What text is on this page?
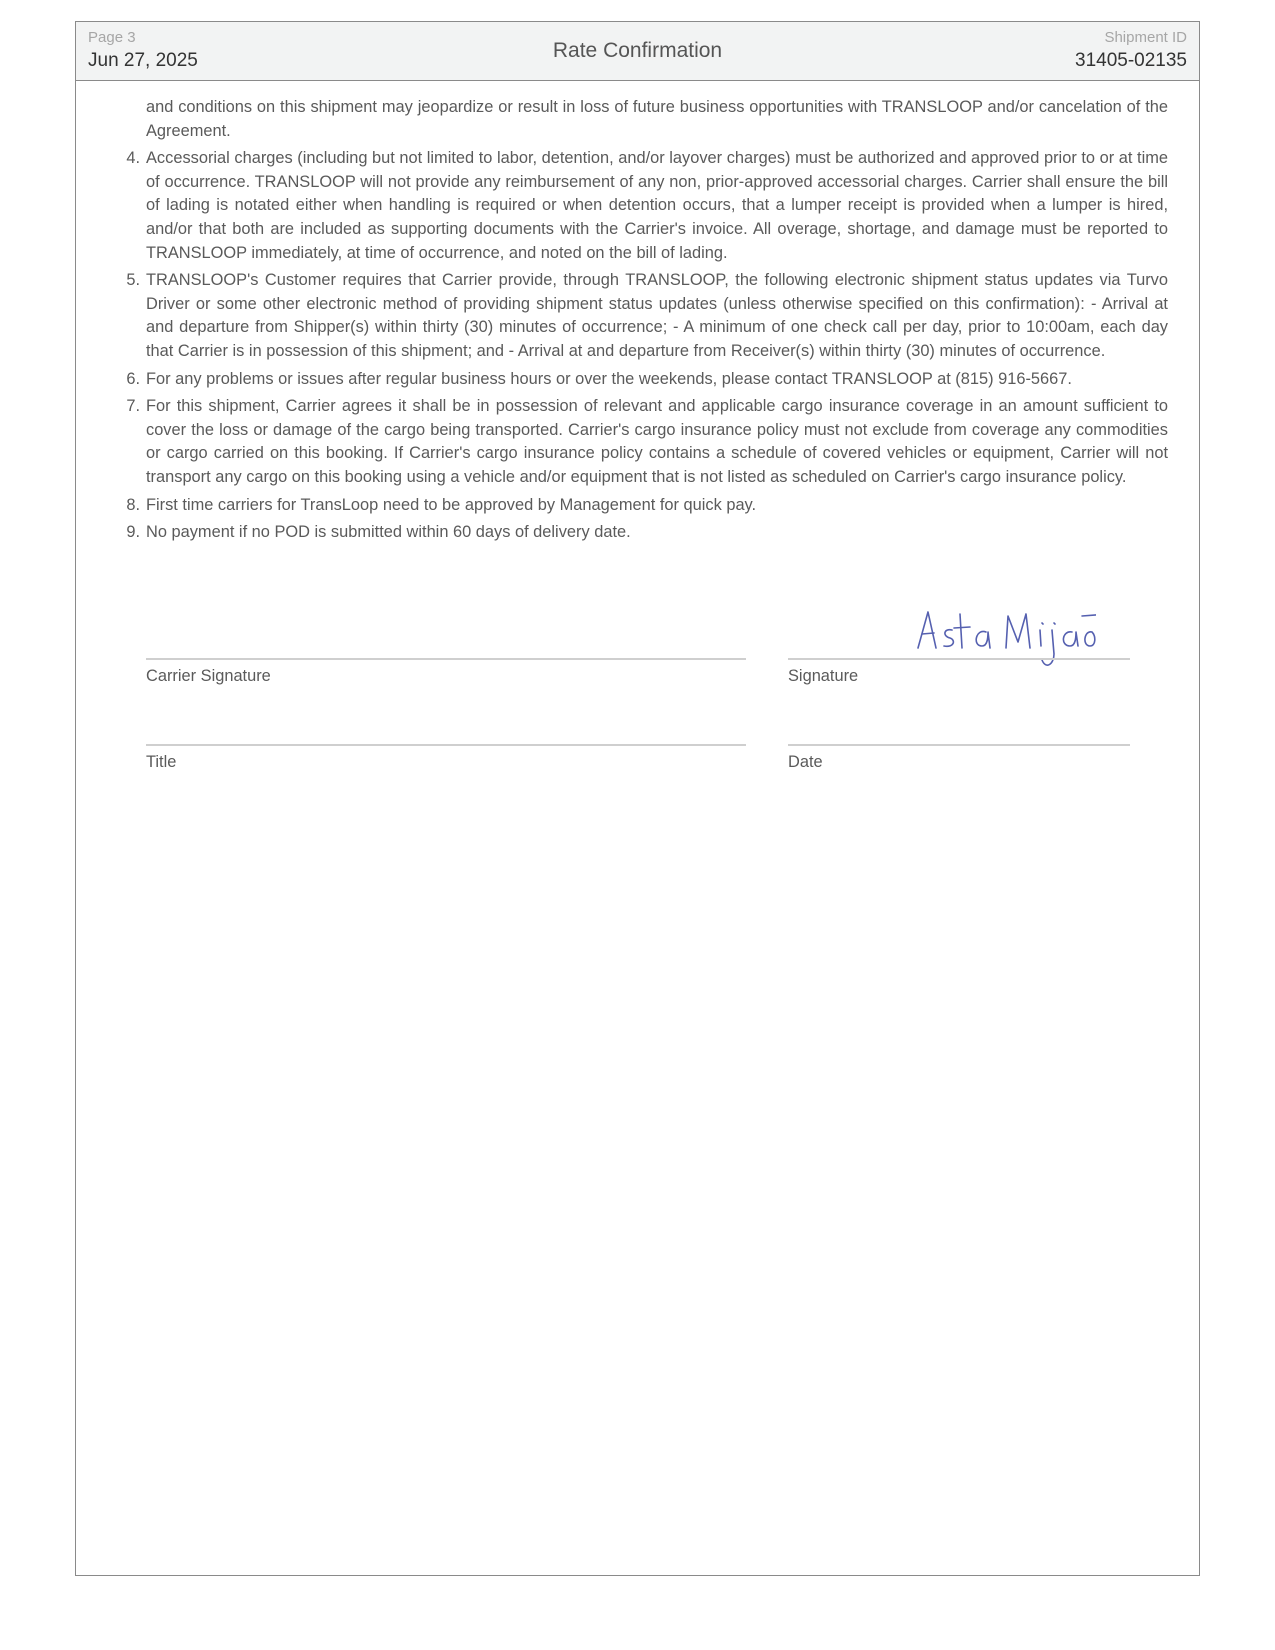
Page 3
Jun 27, 2025	Rate Confirmation
Shipment ID
31405-02135

and conditions on this shipment may jeopardize or result in loss of future business opportunities with TRANSLOOP and/or cancelation of the Agreement.

4. Accessorial charges (including but not limited to labor, detention, and/or layover charges) must be authorized and approved prior to or at time of occurrence. TRANSLOOP will not provide any reimbursement of any non, prior-approved accessorial charges. Carrier shall ensure the bill of lading is notated either when handling is required or when detention occurs, that a lumper receipt is provided when a lumper is hired, and/or that both are included as supporting documents with the Carrier's invoice. All overage, shortage, and damage must be reported to TRANSLOOP immediately, at time of occurrence, and noted on the bill of lading.
5. TRANSLOOP's Customer requires that Carrier provide, through TRANSLOOP, the following electronic shipment status updates via Turvo Driver or some other electronic method of providing shipment status updates (unless otherwise specified on this confirmation): - Arrival at and departure from Shipper(s) within thirty (30) minutes of occurrence; - A minimum of one check call per day, prior to 10:00am, each day that Carrier is in possession of this shipment; and - Arrival at and departure from Receiver(s) within thirty (30) minutes of occurrence.
6. For any problems or issues after regular business hours or over the weekends, please contact TRANSLOOP at (815) 916-5667.
7. For this shipment, Carrier agrees it shall be in possession of relevant and applicable cargo insurance coverage in an amount sufficient to cover the loss or damage of the cargo being transported. Carrier's cargo insurance policy must not exclude from coverage any commodities or cargo carried on this booking. If Carrier's cargo insurance policy contains a schedule of covered vehicles or equipment, Carrier will not transport any cargo on this booking using a vehicle and/or equipment that is not listed as scheduled on Carrier's cargo insurance policy.
8. First time carriers for TransLoop need to be approved by Management for quick pay.
9. No payment if no POD is submitted within 60 days of delivery date.
Asta Mijač
Carrier Signature	Signature
Title	Date
